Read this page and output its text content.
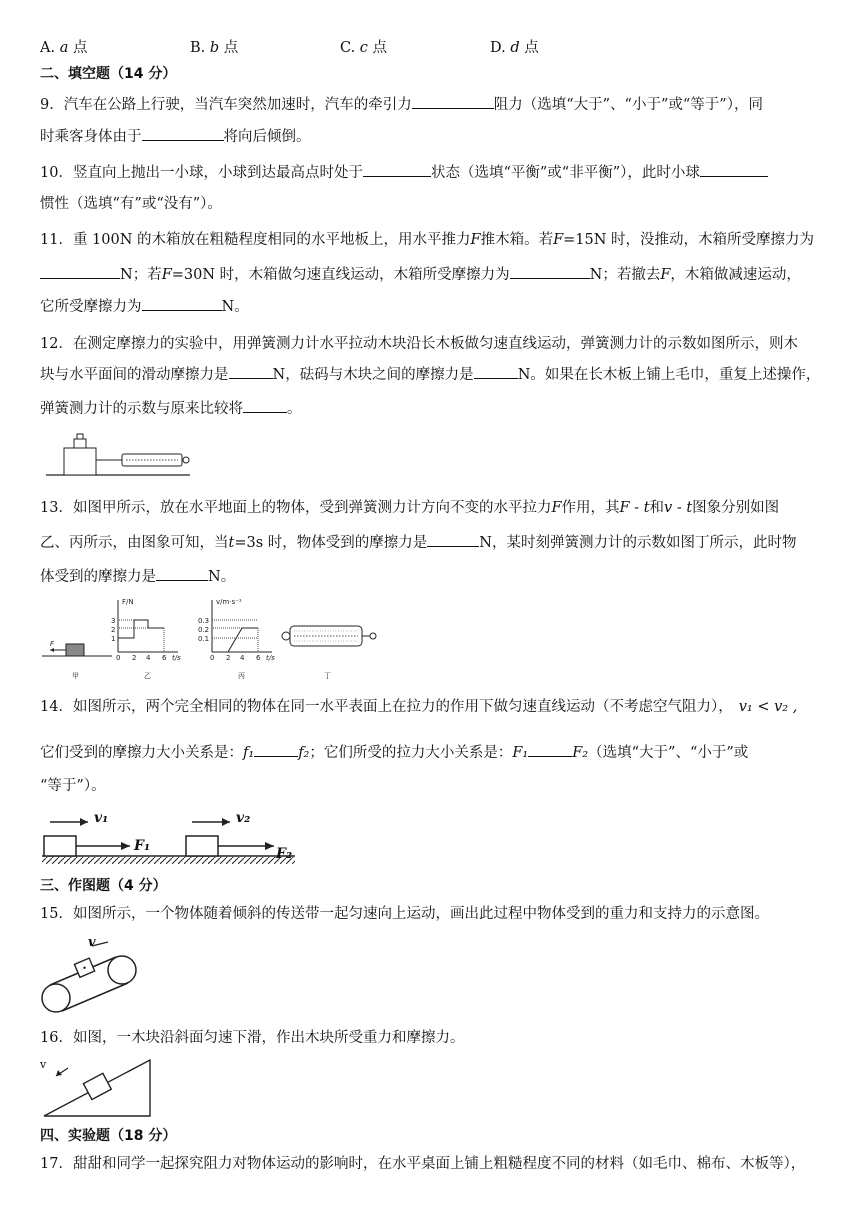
A. a 点	B. b 点	C. c 点	D. d 点
二、填空题（14 分）
9．汽车在公路上行驶，当汽车突然加速时，汽车的牵引力	阻力（选填“大于”、“小于”或“等于”），同
时乘客身体由于	将向后倾倒。
10．竖直向上抛出一小球，小球到达最高点时处于	状态（选填“平衡”或“非平衡”），此时小球
惯性（选填“有”或“没有”）。
11．重 100N 的木箱放在粗糙程度相同的水平地板上，用水平推力F推木箱。若F=15N 时，没推动，木箱所受摩擦力为
N；若F=30N 时，木箱做匀速直线运动，木箱所受摩擦力为	N；若撤去F，木箱做减速运动，
它所受摩擦力为	N。
12．在测定摩擦力的实验中，用弹簧测力计水平拉动木块沿长木板做匀速直线运动，弹簧测力计的示数如图所示，则木
块与水平面间的滑动摩擦力是	N，砝码与木块之间的摩擦力是	N。如果在长木板上铺上毛巾，重复上述操作，
弹簧测力计的示数与原来比较将	。
13．如图甲所示，放在水平地面上的物体，受到弹簧测力计方向不变的水平拉力F作用，其F - t和v - t图象分别如图
乙、丙所示，由图象可知，当t=3s 时，物体受到的摩擦力是	N，某时刻弹簧测力计的示数如图丁所示，此时物
体受到的摩擦力是	N。
F
甲
F/N
3
2
1
0 2 4 6 t/s
乙
v/m·s⁻¹
0.3
0.2
0.1
0 2 4 6 t/s
丙	丁
14．如图所示，两个完全相同的物体在同一水平表面上在拉力的作用下做匀速直线运动（不考虑空气阻力）， v₁ < v₂ ,
它们受到的摩擦力大小关系是：f₁	f₂；它们所受的拉力大小关系是：F₁	F₂（选填“大于”、“小于”或
“等于”）。
F₁
v₁
F₂
v₂
三、作图题（4 分）
15．如图所示，一个物体随着倾斜的传送带一起匀速向上运动，画出此过程中物体受到的重力和支持力的示意图。
v
16．如图，一木块沿斜面匀速下滑，作出木块所受重力和摩擦力。
v
四、实验题（18 分）
17．甜甜和同学一起探究阻力对物体运动的影响时，在水平桌面上铺上粗糙程度不同的材料（如毛巾、棉布、木板等），
